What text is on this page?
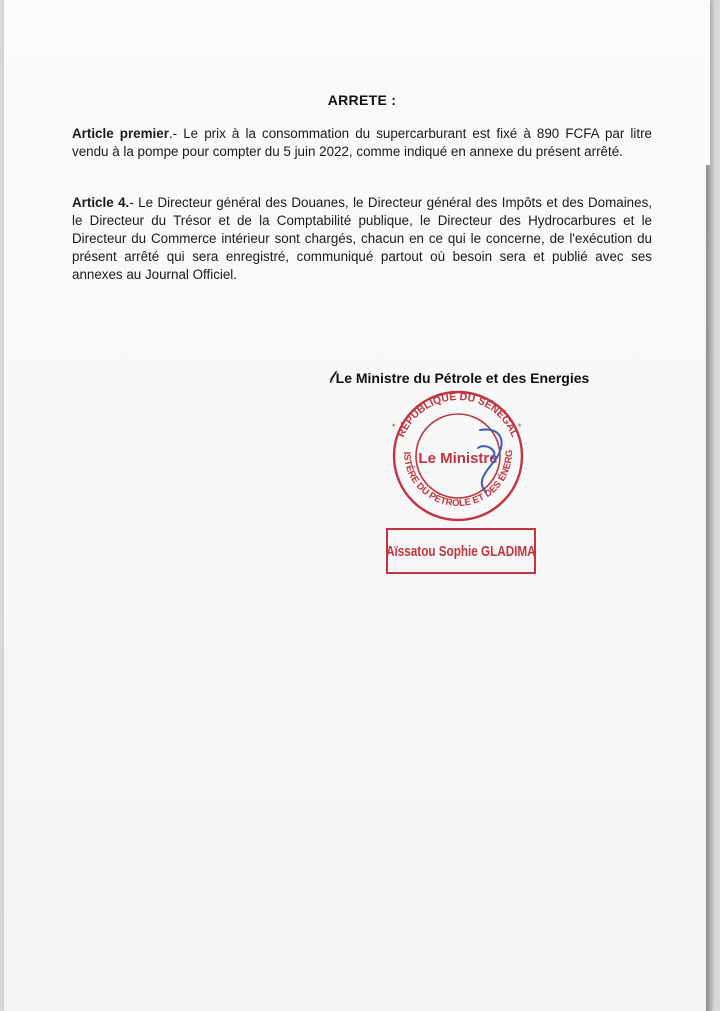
ARRETE :

Article premier.- Le prix à la consommation du supercarburant est fixé à 890 FCFA par litre vendu à la pompe pour compter du 5 juin 2022, comme indiqué en annexe du présent arrêté.

Article 4.- Le Directeur général des Douanes, le Directeur général des Impôts et des Domaines, le Directeur du Trésor et de la Comptabilité publique, le Directeur des Hydrocarbures et le Directeur du Commerce intérieur sont chargés, chacun en ce qui le concerne, de l'exécution du présent arrêté qui sera enregistré, communiqué partout où besoin sera et publié avec ses annexes au Journal Officiel.

𝓁Le Ministre du Pétrole et des Energies
RÉPUBLIQUE DU SÉNÉGAL
ISTÈRE DU PÉTROLE ET DES ÉNERG
*	*
Le Ministre
Aïssatou Sophie GLADIMA
